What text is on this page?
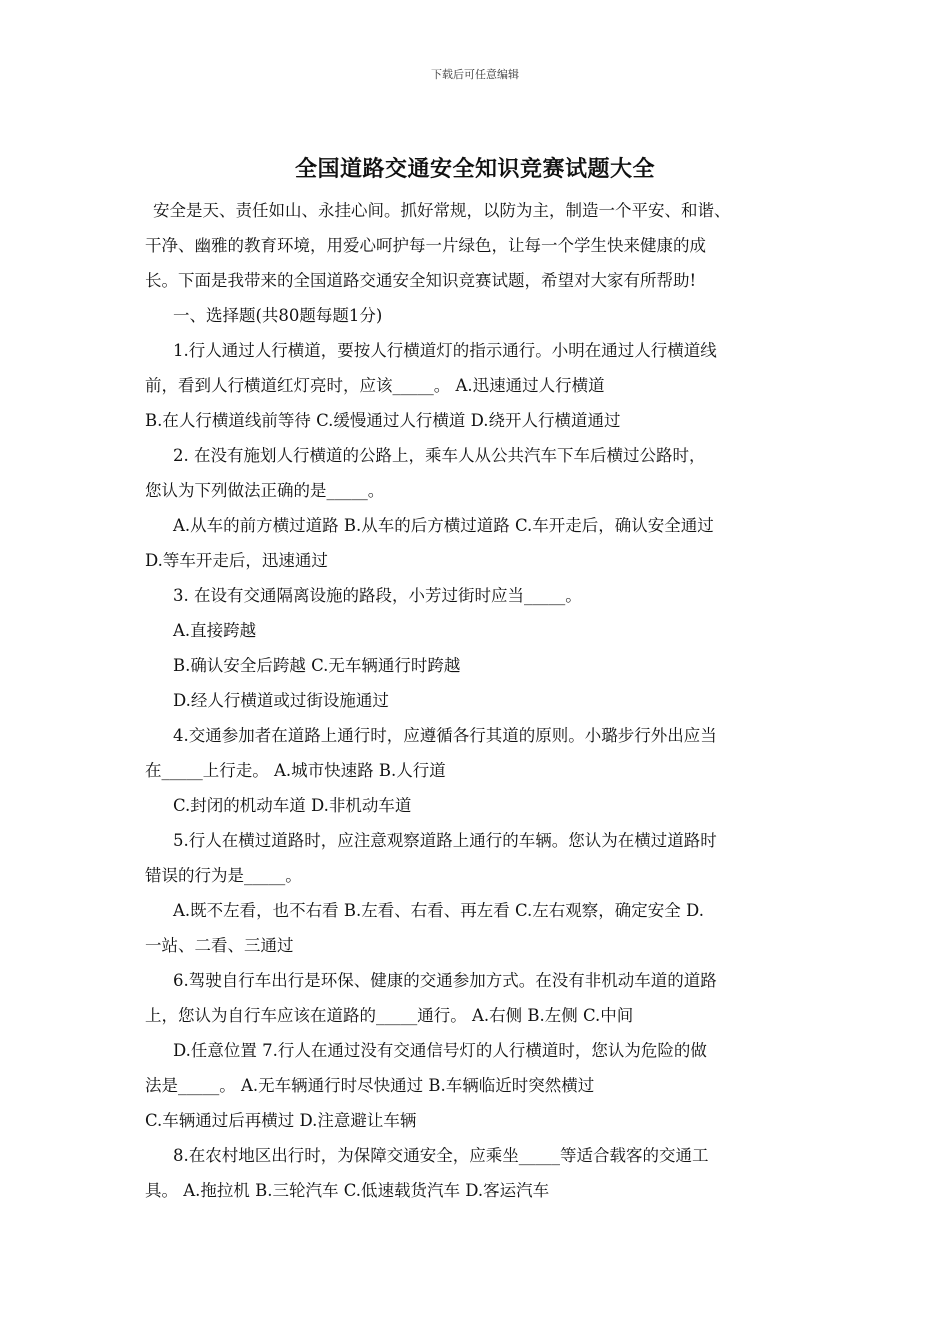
下载后可任意编辑
全国道路交通安全知识竞赛试题大全
安全是天、责任如山、永挂心间。抓好常规，以防为主，制造一个平安、和谐、
干净、幽雅的教育环境，用爱心呵护每一片绿色，让每一个学生快来健康的成
长。下面是我带来的全国道路交通安全知识竞赛试题，希望对大家有所帮助!
一、选择题(共80题每题1分)
1.行人通过人行横道，要按人行横道灯的指示通行。小明在通过人行横道线
前，看到人行横道红灯亮时，应该_____。 A.迅速通过人行横道
B.在人行横道线前等待 C.缓慢通过人行横道 D.绕开人行横道通过
2. 在没有施划人行横道的公路上，乘车人从公共汽车下车后横过公路时，
您认为下列做法正确的是_____。
A.从车的前方横过道路 B.从车的后方横过道路 C.车开走后，确认安全通过
D.等车开走后，迅速通过
3. 在设有交通隔离设施的路段，小芳过街时应当_____。
A.直接跨越
B.确认安全后跨越 C.无车辆通行时跨越
D.经人行横道或过街设施通过
4.交通参加者在道路上通行时，应遵循各行其道的原则。小璐步行外出应当
在_____上行走。 A.城市快速路 B.人行道
C.封闭的机动车道 D.非机动车道
5.行人在横过道路时，应注意观察道路上通行的车辆。您认为在横过道路时
错误的行为是_____。
A.既不左看，也不右看 B.左看、右看、再左看 C.左右观察，确定安全 D.
一站、二看、三通过
6.驾驶自行车出行是环保、健康的交通参加方式。在没有非机动车道的道路
上，您认为自行车应该在道路的_____通行。 A.右侧 B.左侧 C.中间
D.任意位置 7.行人在通过没有交通信号灯的人行横道时，您认为危险的做
法是_____。 A.无车辆通行时尽快通过 B.车辆临近时突然横过
C.车辆通过后再横过 D.注意避让车辆
8.在农村地区出行时，为保障交通安全，应乘坐_____等适合载客的交通工
具。 A.拖拉机 B.三轮汽车 C.低速载货汽车 D.客运汽车
